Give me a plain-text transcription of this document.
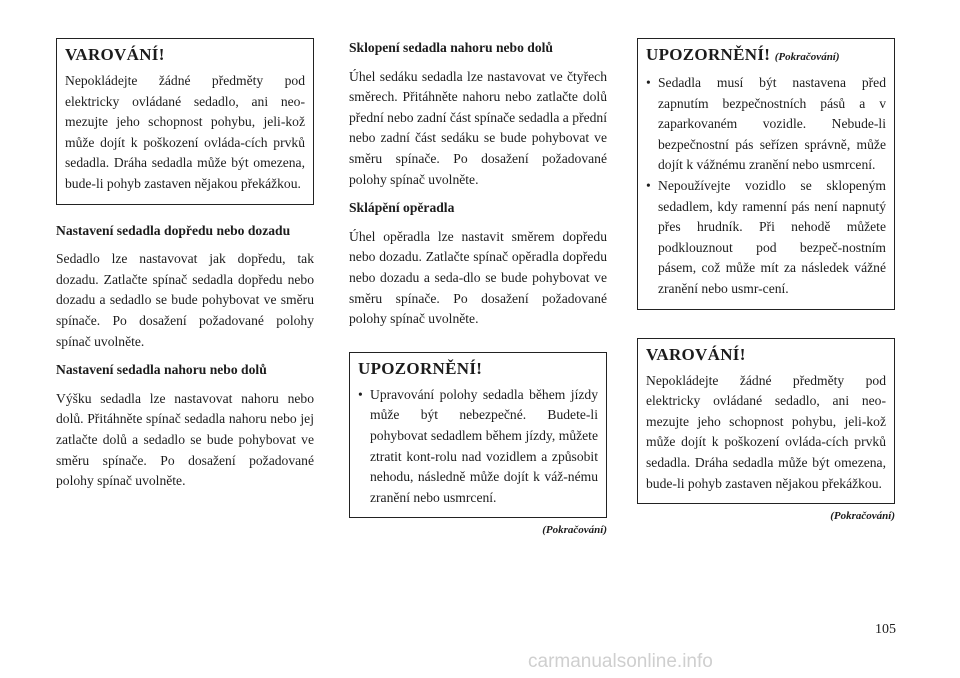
VAROVÁNÍ!

Nepokládejte žádné předměty pod elektricky ovládané sedadlo, ani neo-mezujte jeho schopnost pohybu, jeli-kož může dojít k poškození ovláda-cích prvků sedadla. Dráha sedadla může být omezena, bude-li pohyb zastaven nějakou překážkou.

Nastavení sedadla dopředu nebo dozadu

Sedadlo lze nastavovat jak dopředu, tak dozadu. Zatlačte spínač sedadla dopředu nebo dozadu a sedadlo se bude pohybovat ve směru spínače. Po dosažení požadované polohy spínač uvolněte.

Nastavení sedadla nahoru nebo dolů

Výšku sedadla lze nastavovat nahoru nebo dolů. Přitáhněte spínač sedadla nahoru nebo jej zatlačte dolů a sedadlo se bude pohybovat ve směru spínače. Po dosažení požadované polohy spínač uvolněte.

Sklopení sedadla nahoru nebo dolů

Úhel sedáku sedadla lze nastavovat ve čtyřech směrech. Přitáhněte nahoru nebo zatlačte dolů přední nebo zadní část spínače sedadla a přední nebo zadní část sedáku se bude pohybovat ve směru spínače. Po dosažení požadované polohy spínač uvolněte.

Sklápění opěradla

Úhel opěradla lze nastavit směrem dopředu nebo dozadu. Zatlačte spínač opěradla dopředu nebo dozadu a seda-dlo se bude pohybovat ve směru spínače. Po dosažení požadované polohy spínač uvolněte.

UPOZORNĚNÍ!
• Upravování polohy sedadla během jízdy může být nebezpečné. Budete-li pohybovat sedadlem během jízdy, můžete ztratit kont-rolu nad vozidlem a způsobit nehodu, následně může dojít k váž-nému zranění nebo usmrcení.
(Pokračování)
UPOZORNĚNÍ! (Pokračování)
• Sedadla musí být nastavena před zapnutím bezpečnostních pásů a v zaparkovaném vozidle. Nebude-li bezpečnostní pás seřízen správně, může dojít k vážnému zranění nebo usmrcení.
• Nepoužívejte vozidlo se sklopeným sedadlem, kdy ramenní pás není napnutý přes hrudník. Při nehodě můžete podklouznout pod bezpeč-nostním pásem, což může mít za následek vážné zranění nebo usmr-cení.
VAROVÁNÍ!

Nepokládejte žádné předměty pod elektricky ovládané sedadlo, ani neo-mezujte jeho schopnost pohybu, jeli-kož může dojít k poškození ovláda-cích prvků sedadla. Dráha sedadla může být omezena, bude-li pohyb zastaven nějakou překážkou.

(Pokračování)
105
carmanualsonline.info
